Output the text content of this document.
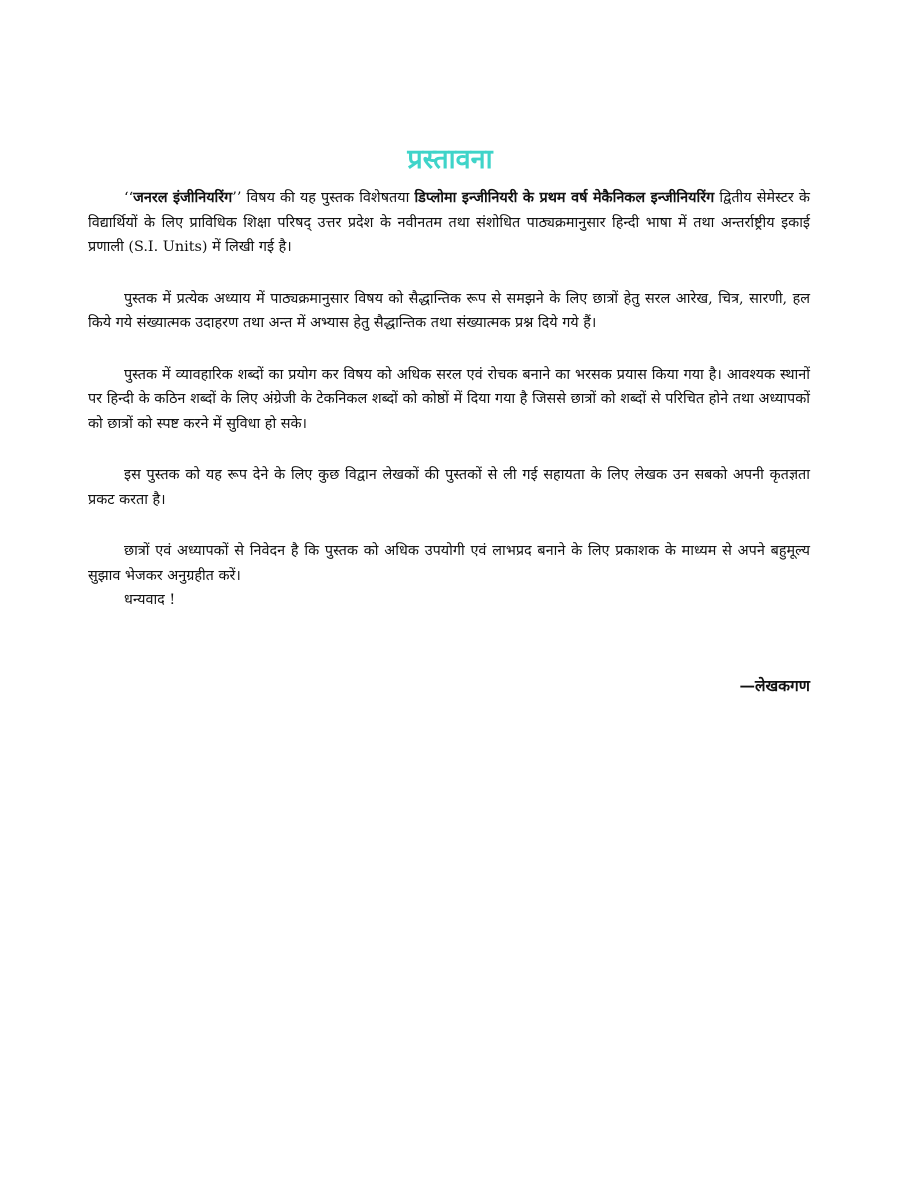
प्रस्तावना

‘‘जनरल इंजीनियरिंग’’ विषय की यह पुस्तक विशेषतया डिप्लोमा इन्जीनियरी के प्रथम वर्ष मेकैनिकल इन्जीनियरिंग द्वितीय सेमेस्टर के विद्यार्थियों के लिए प्राविधिक शिक्षा परिषद् उत्तर प्रदेश के नवीनतम तथा संशोधित पाठ्यक्रमानुसार हिन्दी भाषा में तथा अन्तर्राष्ट्रीय इकाई प्रणाली (S.I. Units) में लिखी गई है।

पुस्तक में प्रत्येक अध्याय में पाठ्यक्रमानुसार विषय को सैद्धान्तिक रूप से समझने के लिए छात्रों हेतु सरल आरेख, चित्र, सारणी, हल किये गये संख्यात्मक उदाहरण तथा अन्त में अभ्यास हेतु सैद्धान्तिक तथा संख्यात्मक प्रश्न दिये गये हैं।

पुस्तक में व्यावहारिक शब्दों का प्रयोग कर विषय को अधिक सरल एवं रोचक बनाने का भरसक प्रयास किया गया है। आवश्यक स्थानों पर हिन्दी के कठिन शब्दों के लिए अंग्रेजी के टेकनिकल शब्दों को कोष्ठों में दिया गया है जिससे छात्रों को शब्दों से परिचित होने तथा अध्यापकों को छात्रों को स्पष्ट करने में सुविधा हो सके।

इस पुस्तक को यह रूप देने के लिए कुछ विद्वान लेखकों की पुस्तकों से ली गई सहायता के लिए लेखक उन सबको अपनी कृतज्ञता प्रकट करता है।

छात्रों एवं अध्यापकों से निवेदन है कि पुस्तक को अधिक उपयोगी एवं लाभप्रद बनाने के लिए प्रकाशक के माध्यम से अपने बहुमूल्य सुझाव भेजकर अनुग्रहीत करें।

धन्यवाद !

—लेखकगण
